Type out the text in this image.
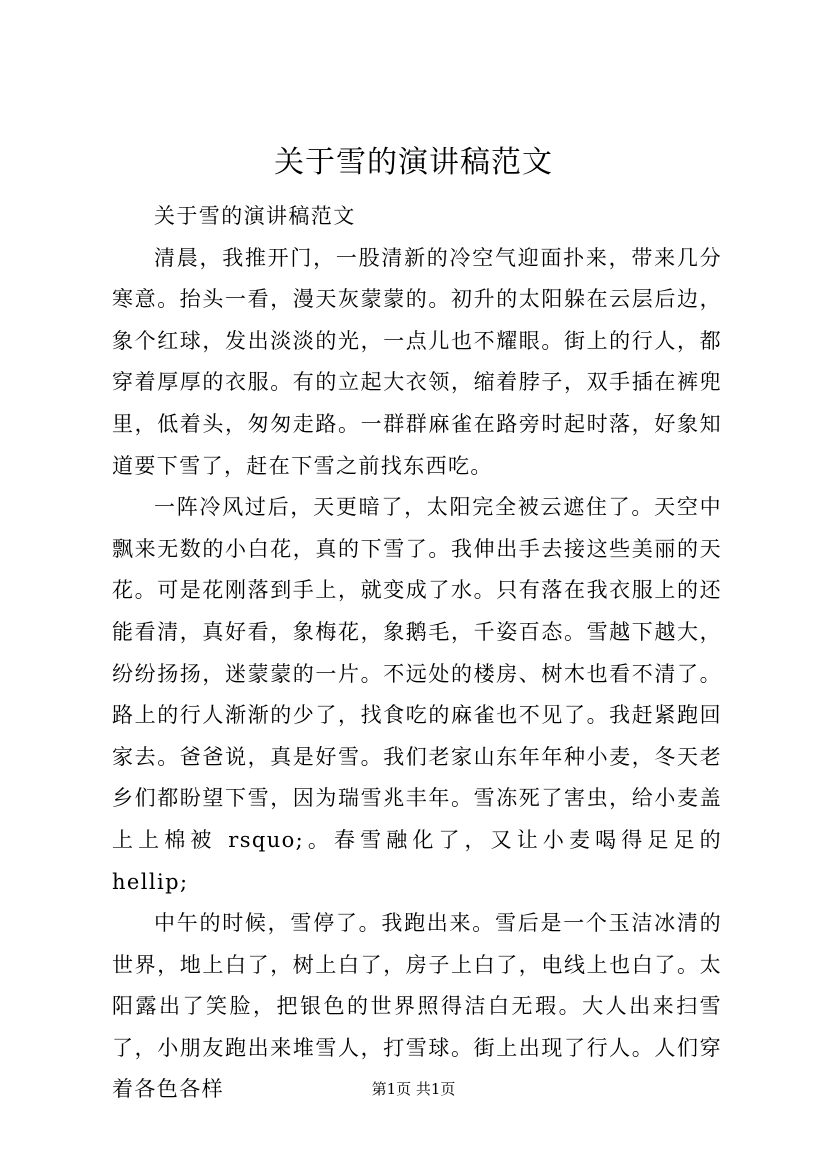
关于雪的演讲稿范文

关于雪的演讲稿范文

清晨，我推开门，一股清新的冷空气迎面扑来，带来几分寒意。抬头一看，漫天灰蒙蒙的。初升的太阳躲在云层后边，象个红球，发出淡淡的光，一点儿也不耀眼。街上的行人，都穿着厚厚的衣服。有的立起大衣领，缩着脖子，双手插在裤兜里，低着头，匆匆走路。一群群麻雀在路旁时起时落，好象知道要下雪了，赶在下雪之前找东西吃。

一阵冷风过后，天更暗了，太阳完全被云遮住了。天空中飘来无数的小白花，真的下雪了。我伸出手去接这些美丽的天花。可是花刚落到手上，就变成了水。只有落在我衣服上的还能看清，真好看，象梅花，象鹅毛，千姿百态。雪越下越大，纷纷扬扬，迷蒙蒙的一片。不远处的楼房、树木也看不清了。路上的行人渐渐的少了，找食吃的麻雀也不见了。我赶紧跑回家去。爸爸说，真是好雪。我们老家山东年年种小麦，冬天老乡们都盼望下雪，因为瑞雪兆丰年。雪冻死了害虫，给小麦盖上上棉被 rsquo;。春雪融化了，又让小麦喝得足足的 hellip;

中午的时候，雪停了。我跑出来。雪后是一个玉洁冰清的世界，地上白了，树上白了，房子上白了，电线上也白了。太阳露出了笑脸，把银色的世界照得洁白无瑕。大人出来扫雪了，小朋友跑出来堆雪人，打雪球。街上出现了行人。人们穿着各色各样	第1页 共1页
